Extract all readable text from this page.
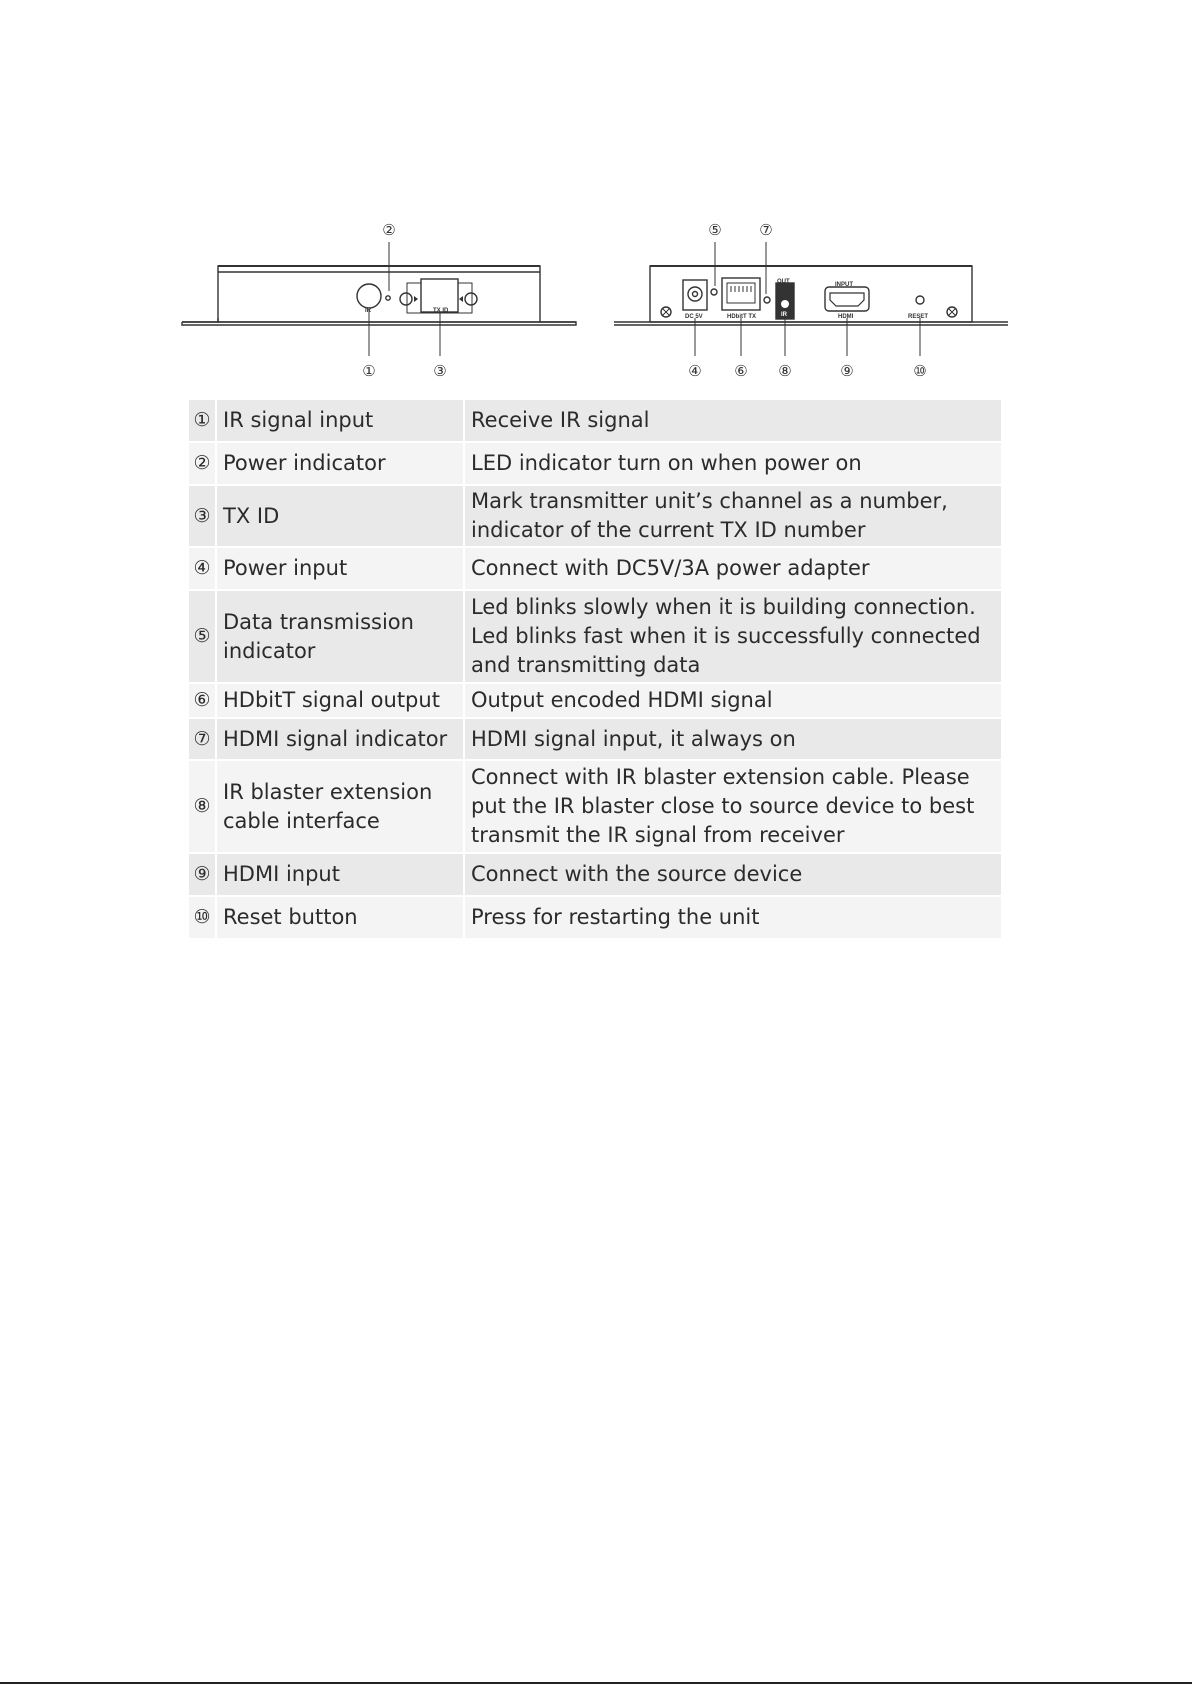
IR	TX ID
②
①	③
DC 5V	HDbitT TX
OUT
IR
INPUT
HDMI	RESET
⑤	⑦
④ ⑥ ⑧	⑨	⑩
①	IR signal input	Receive IR signal
②	Power indicator	LED indicator turn on when power on
③	TX ID	Mark transmitter unit’s channel as a number, indicator of the current TX ID number
④	Power input	Connect with DC5V/3A power adapter
⑤	Data transmission indicator	Led blinks slowly when it is building connection. Led blinks fast when it is successfully connected and transmitting data
⑥	HDbitT signal output	Output encoded HDMI signal
⑦	HDMI signal indicator	HDMI signal input, it always on
⑧	IR blaster extension cable interface	Connect with IR blaster extension cable. Please put the IR blaster close to source device to best transmit the IR signal from receiver
⑨	HDMI input	Connect with the source device
⑩	Reset button	Press for restarting the unit
